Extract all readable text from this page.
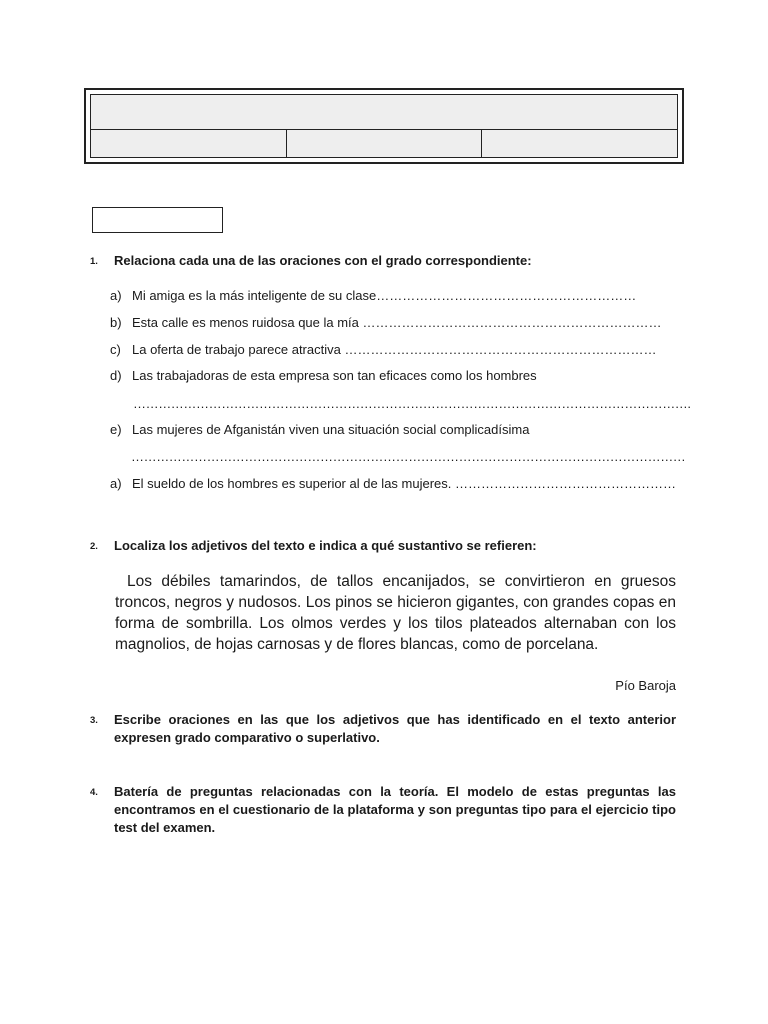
1. Relaciona cada una de las oraciones con el grado correspondiente:
a) Mi amiga es la más inteligente de su clase……………………………………………………
b) Esta calle es menos ruidosa que la mía ……………………………………………………………
c) La oferta de trabajo parece atractiva ………………………………………………………………
d) Las trabajadoras de esta empresa son tan eficaces como los hombres
…………………………………………………………………………………………………………………….
e) Las mujeres de Afganistán viven una situación social complicadísima
……………………………………………………………………………………………………………………
a) El sueldo de los hombres es superior al de las mujeres. ……………………………………………
2. Localiza los adjetivos del texto e indica a qué sustantivo se refieren:
Los débiles tamarindos, de tallos encanijados, se convirtieron en gruesos troncos, negros y nudosos. Los pinos se hicieron gigantes, con grandes copas en forma de sombrilla. Los olmos verdes y los tilos plateados alternaban con los magnolios, de hojas carnosas y de flores blancas, como de porcelana.
Pío Baroja
3. Escribe oraciones en las que los adjetivos que has identificado en el texto anterior expresen grado comparativo o superlativo.
4. Batería de preguntas relacionadas con la teoría. El modelo de estas preguntas las encontramos en el cuestionario de la plataforma y son preguntas tipo para el ejercicio tipo test del examen.
